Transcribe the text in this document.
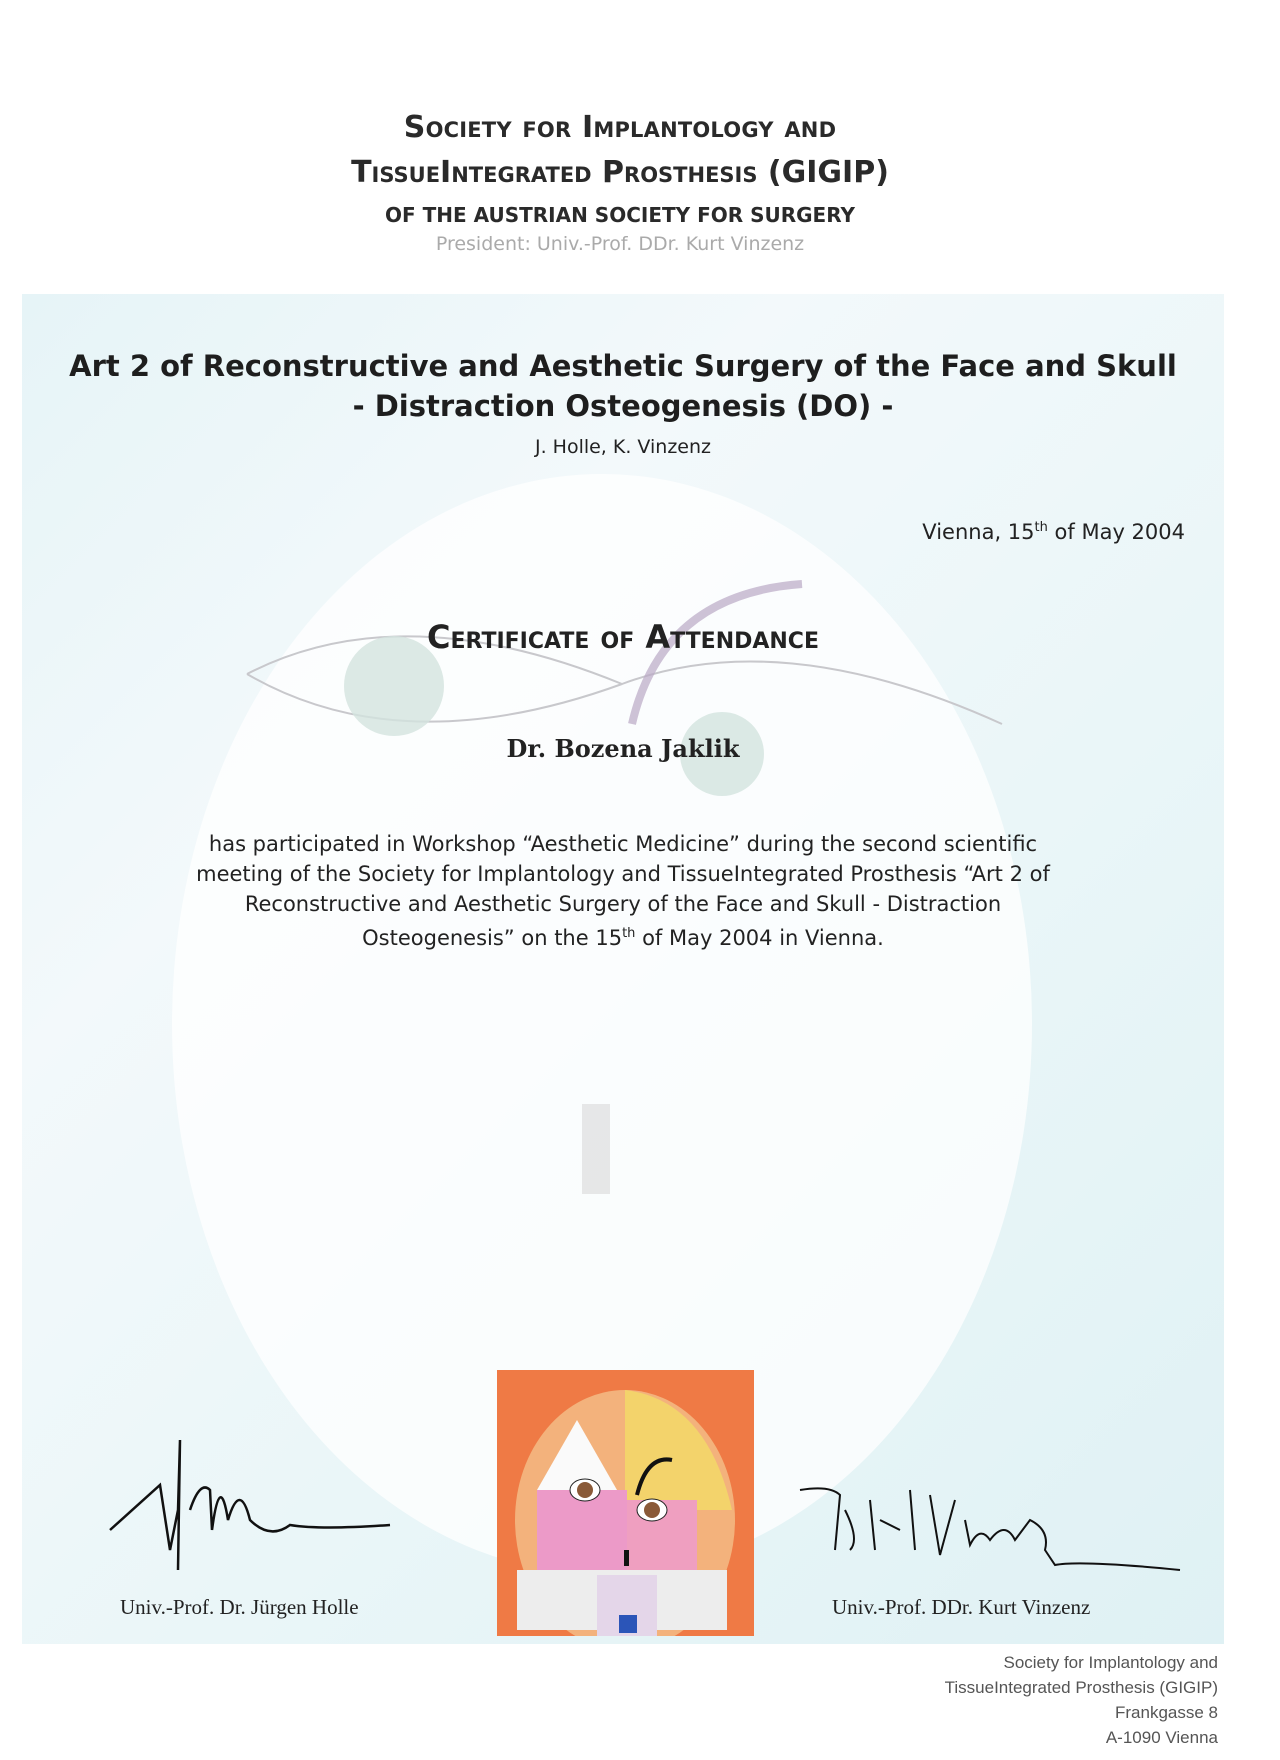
Society for Implantology and
TissueIntegrated Prosthesis (GIGIP)
OF THE AUSTRIAN SOCIETY FOR SURGERY
President: Univ.-Prof. DDr. Kurt Vinzenz
Art 2 of Reconstructive and Aesthetic Surgery of the Face and Skull
- Distraction Osteogenesis (DO) -
J. Holle, K. Vinzenz
Vienna, 15th of May 2004
Certificate of Attendance
Dr. Bozena Jaklik
has participated in Workshop “Aesthetic Medicine” during the second scientific meeting of the Society for Implantology and TissueIntegrated Prosthesis “Art 2 of Reconstructive and Aesthetic Surgery of the Face and Skull - Distraction Osteogenesis” on the 15th of May 2004 in Vienna.
Univ.-Prof. Dr. Jürgen Holle	Univ.-Prof. DDr. Kurt Vinzenz
Society for Implantology and
TissueIntegrated Prosthesis (GIGIP)
Frankgasse 8
A-1090 Vienna
